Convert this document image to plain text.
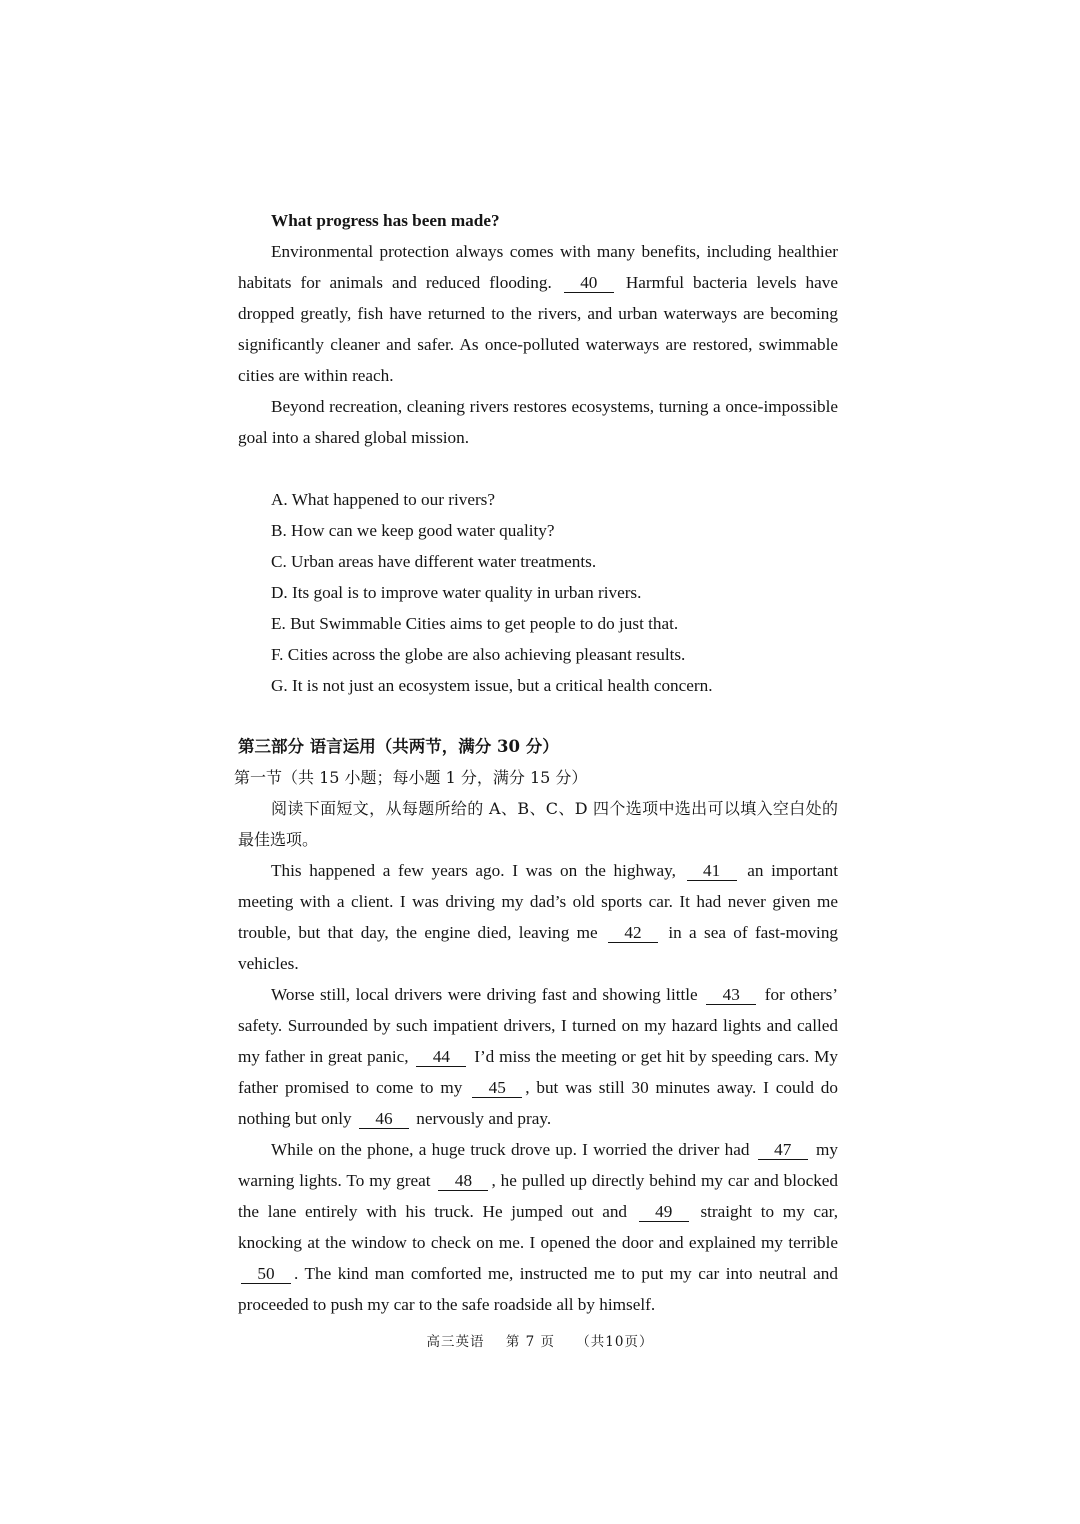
What progress has been made?

Environmental protection always comes with many benefits, including healthier habitats for animals and reduced flooding. 40 Harmful bacteria levels have dropped greatly, fish have returned to the rivers, and urban waterways are becoming significantly cleaner and safer. As once-polluted waterways are restored, swimmable cities are within reach.

Beyond recreation, cleaning rivers restores ecosystems, turning a once-impossible goal into a shared global mission.

A. What happened to our rivers?
B. How can we keep good water quality?
C. Urban areas have different water treatments.
D. Its goal is to improve water quality in urban rivers.
E. But Swimmable Cities aims to get people to do just that.
F. Cities across the globe are also achieving pleasant results.
G. It is not just an ecosystem issue, but a critical health concern.
第三部分 语言运用（共两节，满分 30 分）
第一节（共 15 小题；每小题 1 分，满分 15 分）
阅读下面短文，从每题所给的 A、B、C、D 四个选项中选出可以填入空白处的最佳选项。

This happened a few years ago. I was on the highway, 41 an important meeting with a client. I was driving my dad’s old sports car. It had never given me trouble, but that day, the engine died, leaving me 42 in a sea of fast-moving vehicles.

Worse still, local drivers were driving fast and showing little 43 for others’ safety. Surrounded by such impatient drivers, I turned on my hazard lights and called my father in great panic, 44 I’d miss the meeting or get hit by speeding cars. My father promised to come to my 45 , but was still 30 minutes away. I could do nothing but only 46 nervously and pray.

While on the phone, a huge truck drove up. I worried the driver had 47 my warning lights. To my great 48 , he pulled up directly behind my car and blocked the lane entirely with his truck. He jumped out and 49 straight to my car, knocking at the window to check on me. I opened the door and explained my terrible 50 . The kind man comforted me, instructed me to put my car into neutral and proceeded to push my car to the safe roadside all by himself.

高三英语 第 7 页 （共10页）
